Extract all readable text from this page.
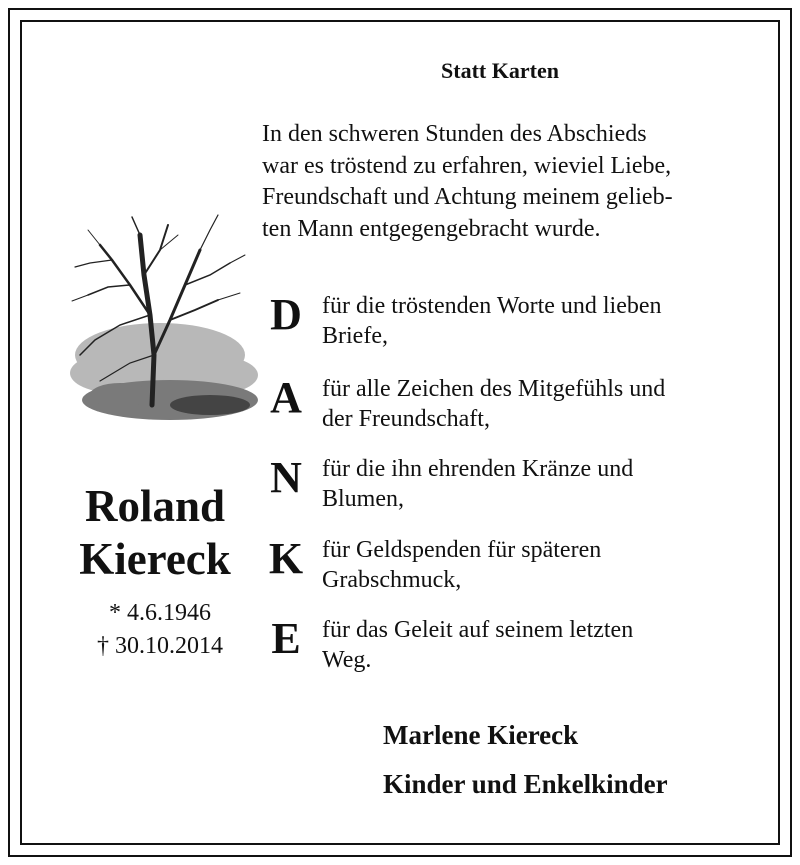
Statt Karten
In den schweren Stunden des Abschieds
war es tröstend zu erfahren, wieviel Liebe,
Freundschaft und Achtung meinem gelieb-
ten Mann entgegengebracht wurde.
Roland
Kiereck
* 4.6.1946
† 30.10.2014
D für die tröstenden Worte und lieben
Briefe,
A für alle Zeichen des Mitgefühls und
der Freundschaft,
N für die ihn ehrenden Kränze und
Blumen,
K für Geldspenden für späteren
Grabschmuck,
E für das Geleit auf seinem letzten
Weg.
Marlene Kiereck
Kinder und Enkelkinder
